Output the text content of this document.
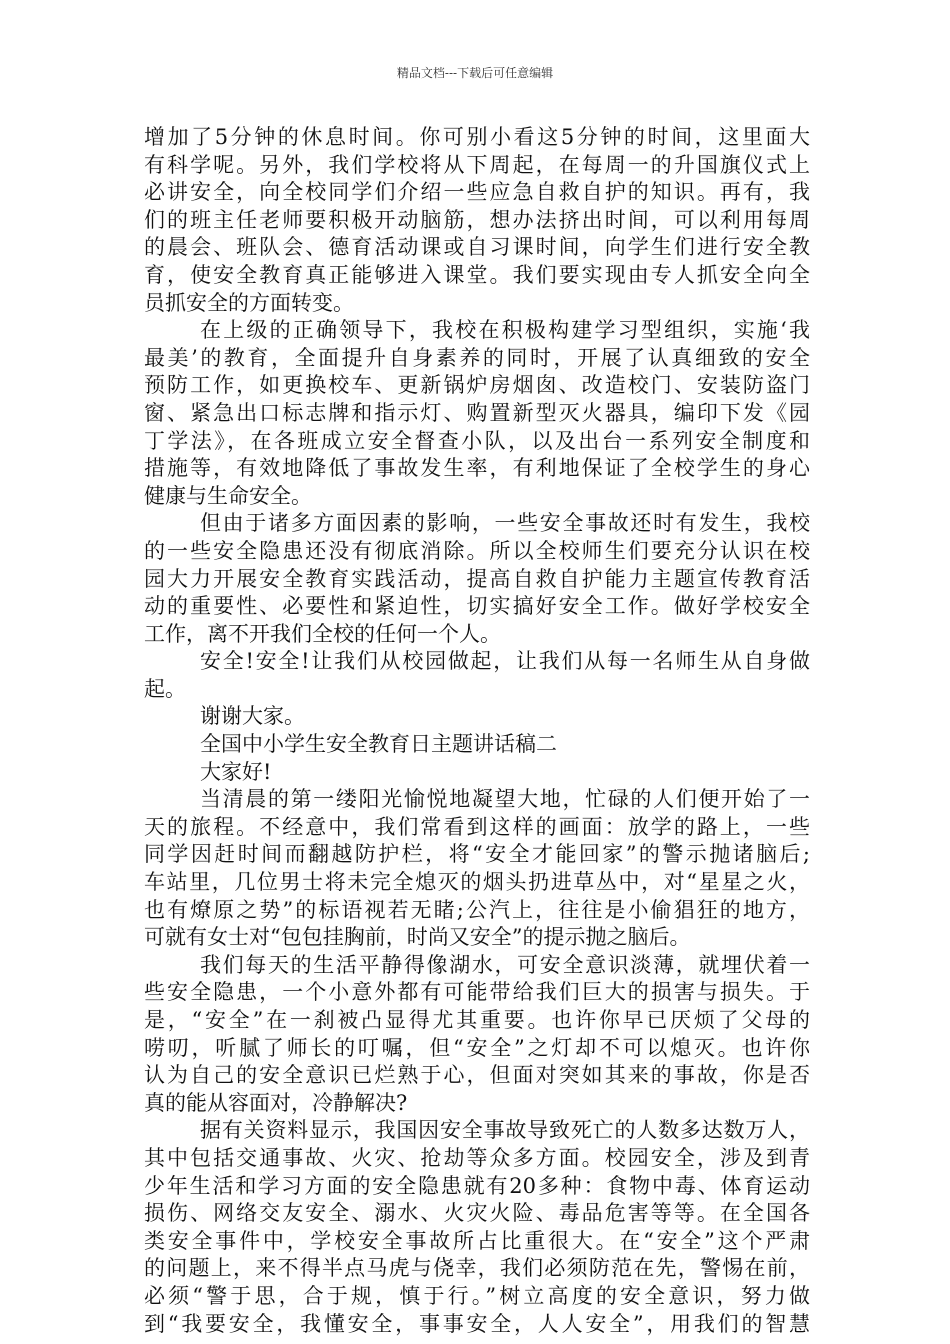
精品文档---下载后可任意编辑
增加了5分钟的休息时间。你可别小看这5分钟的时间，这里面大
有科学呢。另外，我们学校将从下周起，在每周一的升国旗仪式上
必讲安全，向全校同学们介绍一些应急自救自护的知识。再有，我
们的班主任老师要积极开动脑筋，想办法挤出时间，可以利用每周
的晨会、班队会、德育活动课或自习课时间，向学生们进行安全教
育，使安全教育真正能够进入课堂。我们要实现由专人抓安全向全
员抓安全的方面转变。
在上级的正确领导下，我校在积极构建学习型组织，实施‘我
最美’的教育，全面提升自身素养的同时，开展了认真细致的安全
预防工作，如更换校车、更新锅炉房烟囱、改造校门、安装防盗门
窗、紧急出口标志牌和指示灯、购置新型灭火器具，编印下发《园
丁学法》，在各班成立安全督查小队，以及出台一系列安全制度和
措施等，有效地降低了事故发生率，有利地保证了全校学生的身心
健康与生命安全。
但由于诸多方面因素的影响，一些安全事故还时有发生，我校
的一些安全隐患还没有彻底消除。所以全校师生们要充分认识在校
园大力开展安全教育实践活动，提高自救自护能力主题宣传教育活
动的重要性、必要性和紧迫性，切实搞好安全工作。做好学校安全
工作，离不开我们全校的任何一个人。
安全!安全!让我们从校园做起，让我们从每一名师生从自身做
起。
谢谢大家。
全国中小学生安全教育日主题讲话稿二
大家好!
当清晨的第一缕阳光愉悦地凝望大地，忙碌的人们便开始了一
天的旅程。不经意中，我们常看到这样的画面：放学的路上，一些
同学因赶时间而翻越防护栏，将“安全才能回家”的警示抛诸脑后;
车站里，几位男士将未完全熄灭的烟头扔进草丛中，对“星星之火，
也有燎原之势”的标语视若无睹;公汽上，往往是小偷猖狂的地方，
可就有女士对“包包挂胸前，时尚又安全”的提示抛之脑后。
我们每天的生活平静得像湖水，可安全意识淡薄，就埋伏着一
些安全隐患，一个小意外都有可能带给我们巨大的损害与损失。于
是，“安全”在一刹被凸显得尤其重要。也许你早已厌烦了父母的
唠叨，听腻了师长的叮嘱，但“安全”之灯却不可以熄灭。也许你
认为自己的安全意识已烂熟于心，但面对突如其来的事故，你是否
真的能从容面对，冷静解决?
据有关资料显示，我国因安全事故导致死亡的人数多达数万人，
其中包括交通事故、火灾、抢劫等众多方面。校园安全，涉及到青
少年生活和学习方面的安全隐患就有20多种：食物中毒、体育运动
损伤、网络交友安全、溺水、火灾火险、毒品危害等等。在全国各
类安全事件中，学校安全事故所占比重很大。在“安全”这个严肃
的问题上，来不得半点马虎与侥幸，我们必须防范在先，警惕在前，
必须“警于思，合于规，慎于行。”树立高度的安全意识，努力做
到“我要安全，我懂安全，事事安全，人人安全”，用我们的智慧
